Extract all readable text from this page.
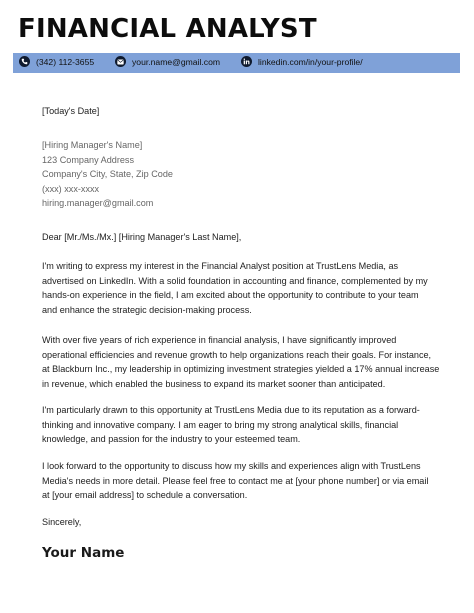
FINANCIAL ANALYST
(342) 112-3655	your.name@gmail.com	linkedin.com/in/your-profile/

[Today's Date]

[Hiring Manager's Name]

123 Company Address

Company's City, State, Zip Code

(xxx) xxx-xxxx

hiring.manager@gmail.com

Dear [Mr./Ms./Mx.] [Hiring Manager's Last Name],

I'm writing to express my interest in the Financial Analyst position at TrustLens Media, as

advertised on LinkedIn. With a solid foundation in accounting and finance, complemented by my

hands-on experience in the field, I am excited about the opportunity to contribute to your team

and enhance the strategic decision-making process.

With over five years of rich experience in financial analysis, I have significantly improved

operational efficiencies and revenue growth to help organizations reach their goals. For instance,

at Blackburn Inc., my leadership in optimizing investment strategies yielded a 17% annual increase

in revenue, which enabled the business to expand its market sooner than anticipated.

I'm particularly drawn to this opportunity at TrustLens Media due to its reputation as a forward-

thinking and innovative company. I am eager to bring my strong analytical skills, financial

knowledge, and passion for the industry to your esteemed team.

I look forward to the opportunity to discuss how my skills and experiences align with TrustLens

Media's needs in more detail. Please feel free to contact me at [your phone number] or via email

at [your email address] to schedule a conversation.

Sincerely,

Your Name
